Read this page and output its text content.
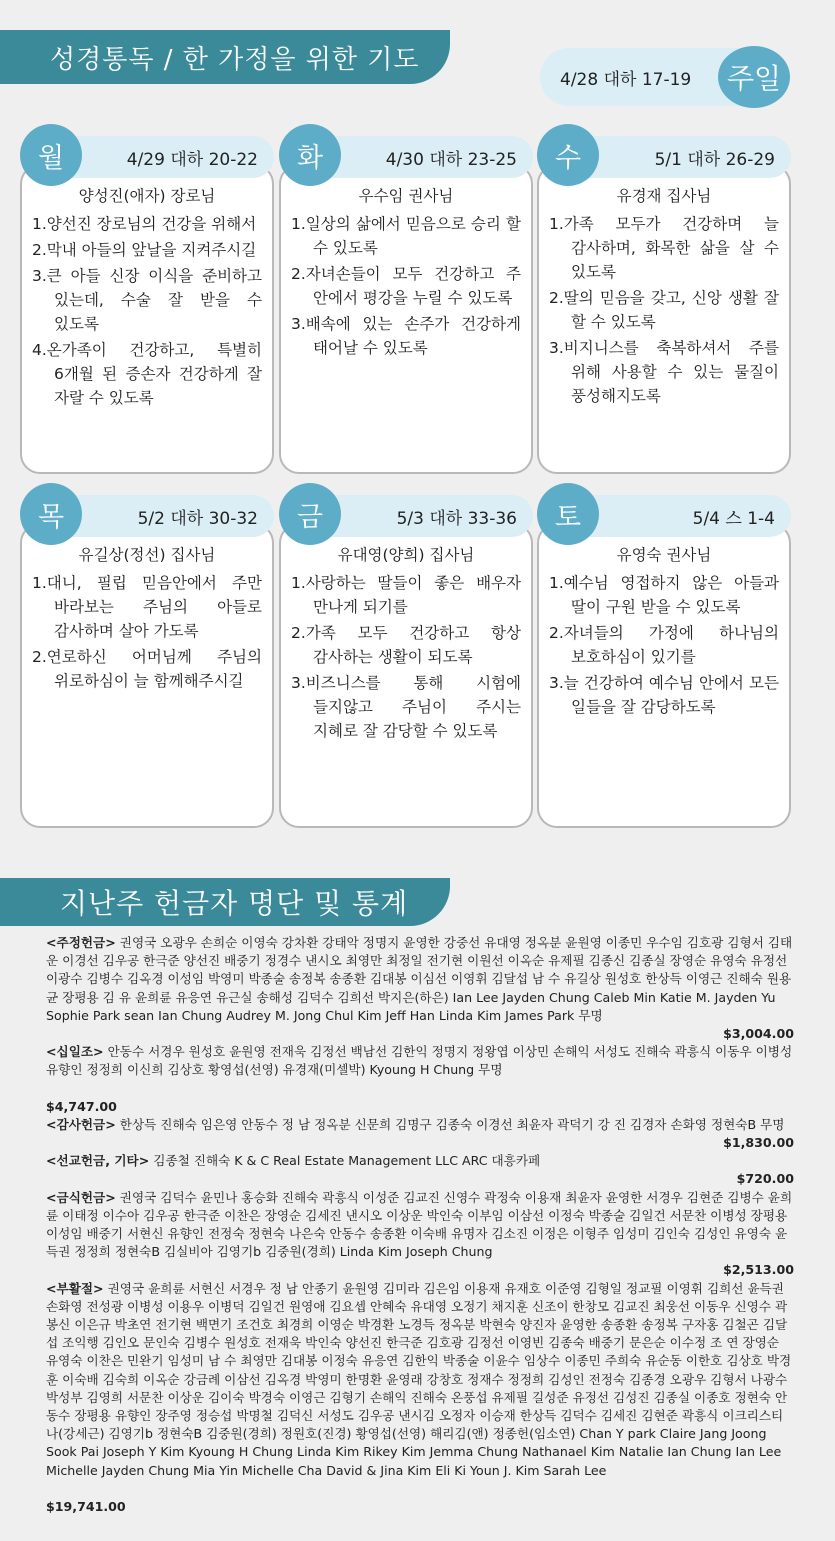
성경통독 / 한 가정을 위한 기도
4/28 대하 17-19 주일
양성진(애자) 장로님

1.양선진 장로님의 건강을 위해서

2.막내 아들의 앞날을 지켜주시길

3.큰 아들 신장 이식을 준비하고 있는데, 수술 잘 받을 수 있도록

4.온가족이 건강하고, 특별히 6개월 된 증손자 건강하게 잘 자랄 수 있도록

4/29 대하 20-22
월
우수임 권사님

1.일상의 삶에서 믿음으로 승리 할 수 있도록

2.자녀손들이 모두 건강하고 주 안에서 평강을 누릴 수 있도록

3.배속에 있는 손주가 건강하게 태어날 수 있도록

4/30 대하 23-25
화
유경재 집사님

1.가족 모두가 건강하며 늘 감사하며, 화목한 삶을 살 수 있도록

2.딸의 믿음을 갖고, 신앙 생활 잘 할 수 있도록

3.비지니스를 축복하셔서 주를 위해 사용할 수 있는 물질이 풍성해지도록

5/1 대하 26-29
수
유길상(정선) 집사님

1.대니, 필립 믿음안에서 주만 바라보는 주님의 아들로 감사하며 살아 가도록

2.연로하신 어머님께 주님의 위로하심이 늘 함께해주시길

5/2 대하 30-32
목
유대영(양희) 집사님

1.사랑하는 딸들이 좋은 배우자 만나게 되기를

2.가족 모두 건강하고 항상 감사하는 생활이 되도록

3.비즈니스를 통해 시험에 들지않고 주님이 주시는 지혜로 잘 감당할 수 있도록

5/3 대하 33-36
금
유영숙 권사님

1.예수님 영접하지 않은 아들과 딸이 구원 받을 수 있도록

2.자녀들의 가정에 하나님의 보호하심이 있기를

3.늘 건강하여 예수님 안에서 모든 일들을 잘 감당하도록

5/4 스 1-4
토
지난주 헌금자 명단 및 통계
<주정헌금> 권영국 오광우 손희순 이영숙 강차환 강태악 정명지 윤영한 강중선 유대영 정옥분 윤원영 이종민 우수임 김호광 김형서 김태운 이경선 김우공 한극준 양선진 배중기 정경수 낸시오 최영만 최정일 전기현 이원선 이옥순 유제필 김종신 김종실 장영순 유영숙 유정선 이광수 김병수 김옥경 이성임 박영미 박종술 송정복 송종환 김대봉 이심선 이영휘 김달섭 남 수 유길상 원성호 한상득 이영근 진해숙 원용균 장평용 김 유 윤희륜 유응연 유근실 송해성 김덕수 김희선 박지은(하은) Ian Lee Jayden Chung Caleb Min Katie M. Jayden Yu Sophie Park sean Ian Chung Audrey M. Jong Chul Kim Jeff Han Linda Kim James Park 무명
$3,004.00
<십일조> 안동수 서경우 원성호 윤원영 전재욱 김정선 백남선 김한익 정명지 정왕엽 이상민 손해익 서성도 진해숙 곽흥식 이동우 이병성 유향인 정정희 이신희 김상호 황영섭(선영) 유경재(미셀박) Kyoung H Chung 무명
$4,747.00
<감사헌금> 한상득 진해숙 임은영 안동수 정 남 정옥분 신문희 김명구 김종숙 이경선 최윤자 곽덕기 강 진 김경자 손화영 정현숙B 무명
$1,830.00
<선교헌금, 기타> 김종철 진해숙 K & C Real Estate Management LLC ARC 대흥카페
$720.00
<금식헌금> 권영국 김덕수 윤민나 홍승화 진해숙 곽흥식 이성준 김교진 신영수 곽정숙 이용재 최윤자 윤영한 서경우 김현준 김병수 윤희륜 이태정 이수아 김우공 한극준 이찬은 장영순 김세진 낸시오 이상운 박인숙 이부임 이삼선 이정숙 박종술 김일건 서문찬 이병성 장평용 이성임 배중기 서현신 유향인 전정숙 정현숙 나은숙 안동수 송종환 이숙배 유명자 김소진 이정은 이형주 임성미 김인숙 김성인 유영숙 윤득권 정정희 정현숙B 김실비아 김영기b 김중원(경희) Linda Kim Joseph Chung
$2,513.00
<부활절> 권영국 윤희륜 서현신 서경우 정 남 안종기 윤원영 김미라 김은임 이용재 유재호 이준영 김형일 정교필 이영휘 김희선 윤득권 손화영 전성광 이병성 이용우 이병덕 김일건 원영애 김요셉 안혜숙 유대영 오정기 채지훈 신조이 한창모 김교진 최웅선 이동우 신영수 곽봉신 이은규 박초연 전기현 백면기 조건호 최경희 이영순 박경환 노경득 정옥분 박현숙 양진자 윤영한 송종환 송정복 구자홍 김철곤 김달섭 조익행 김인오 문인숙 김병수 원성호 전재욱 박인숙 양선진 한극준 김호광 김정선 이영빈 김종숙 배중기 문은순 이수정 조 연 장영순 유영숙 이찬은 민완기 임성미 남 수 최영만 김대봉 이정숙 유응연 김한익 박종술 이윤수 임상수 이종민 주희숙 유순동 이한호 김상호 박경훈 이숙배 김숙희 이옥순 강금례 이삼선 김옥경 박영미 한명환 윤영래 강창호 정재수 정정희 김성인 전정숙 김종경 오광우 김형서 나광수 박성부 김영희 서문찬 이상운 김이숙 박경숙 이영근 김형기 손해익 진해숙 온풍섭 유제필 길성준 유정선 김성진 김종실 이종호 정현숙 안동수 장평용 유향인 장주영 정승섭 박명철 김덕신 서성도 김우공 낸시김 오정자 이승재 한상득 김덕수 김세진 김현준 곽흥식 이크리스티나(강세근) 김영기b 정현숙B 김중원(경희) 정원호(진경) 황영섭(선영) 해리김(앤) 정종헌(임소연) Chan Y park Claire Jang Joong Sook Pai Joseph Y Kim Kyoung H Chung Linda Kim Rikey Kim Jemma Chung Nathanael Kim Natalie Ian Chung Ian Lee Michelle Jayden Chung Mia Yin Michelle Cha David & Jina Kim Eli Ki Youn J. Kim Sarah Lee
$19,741.00
